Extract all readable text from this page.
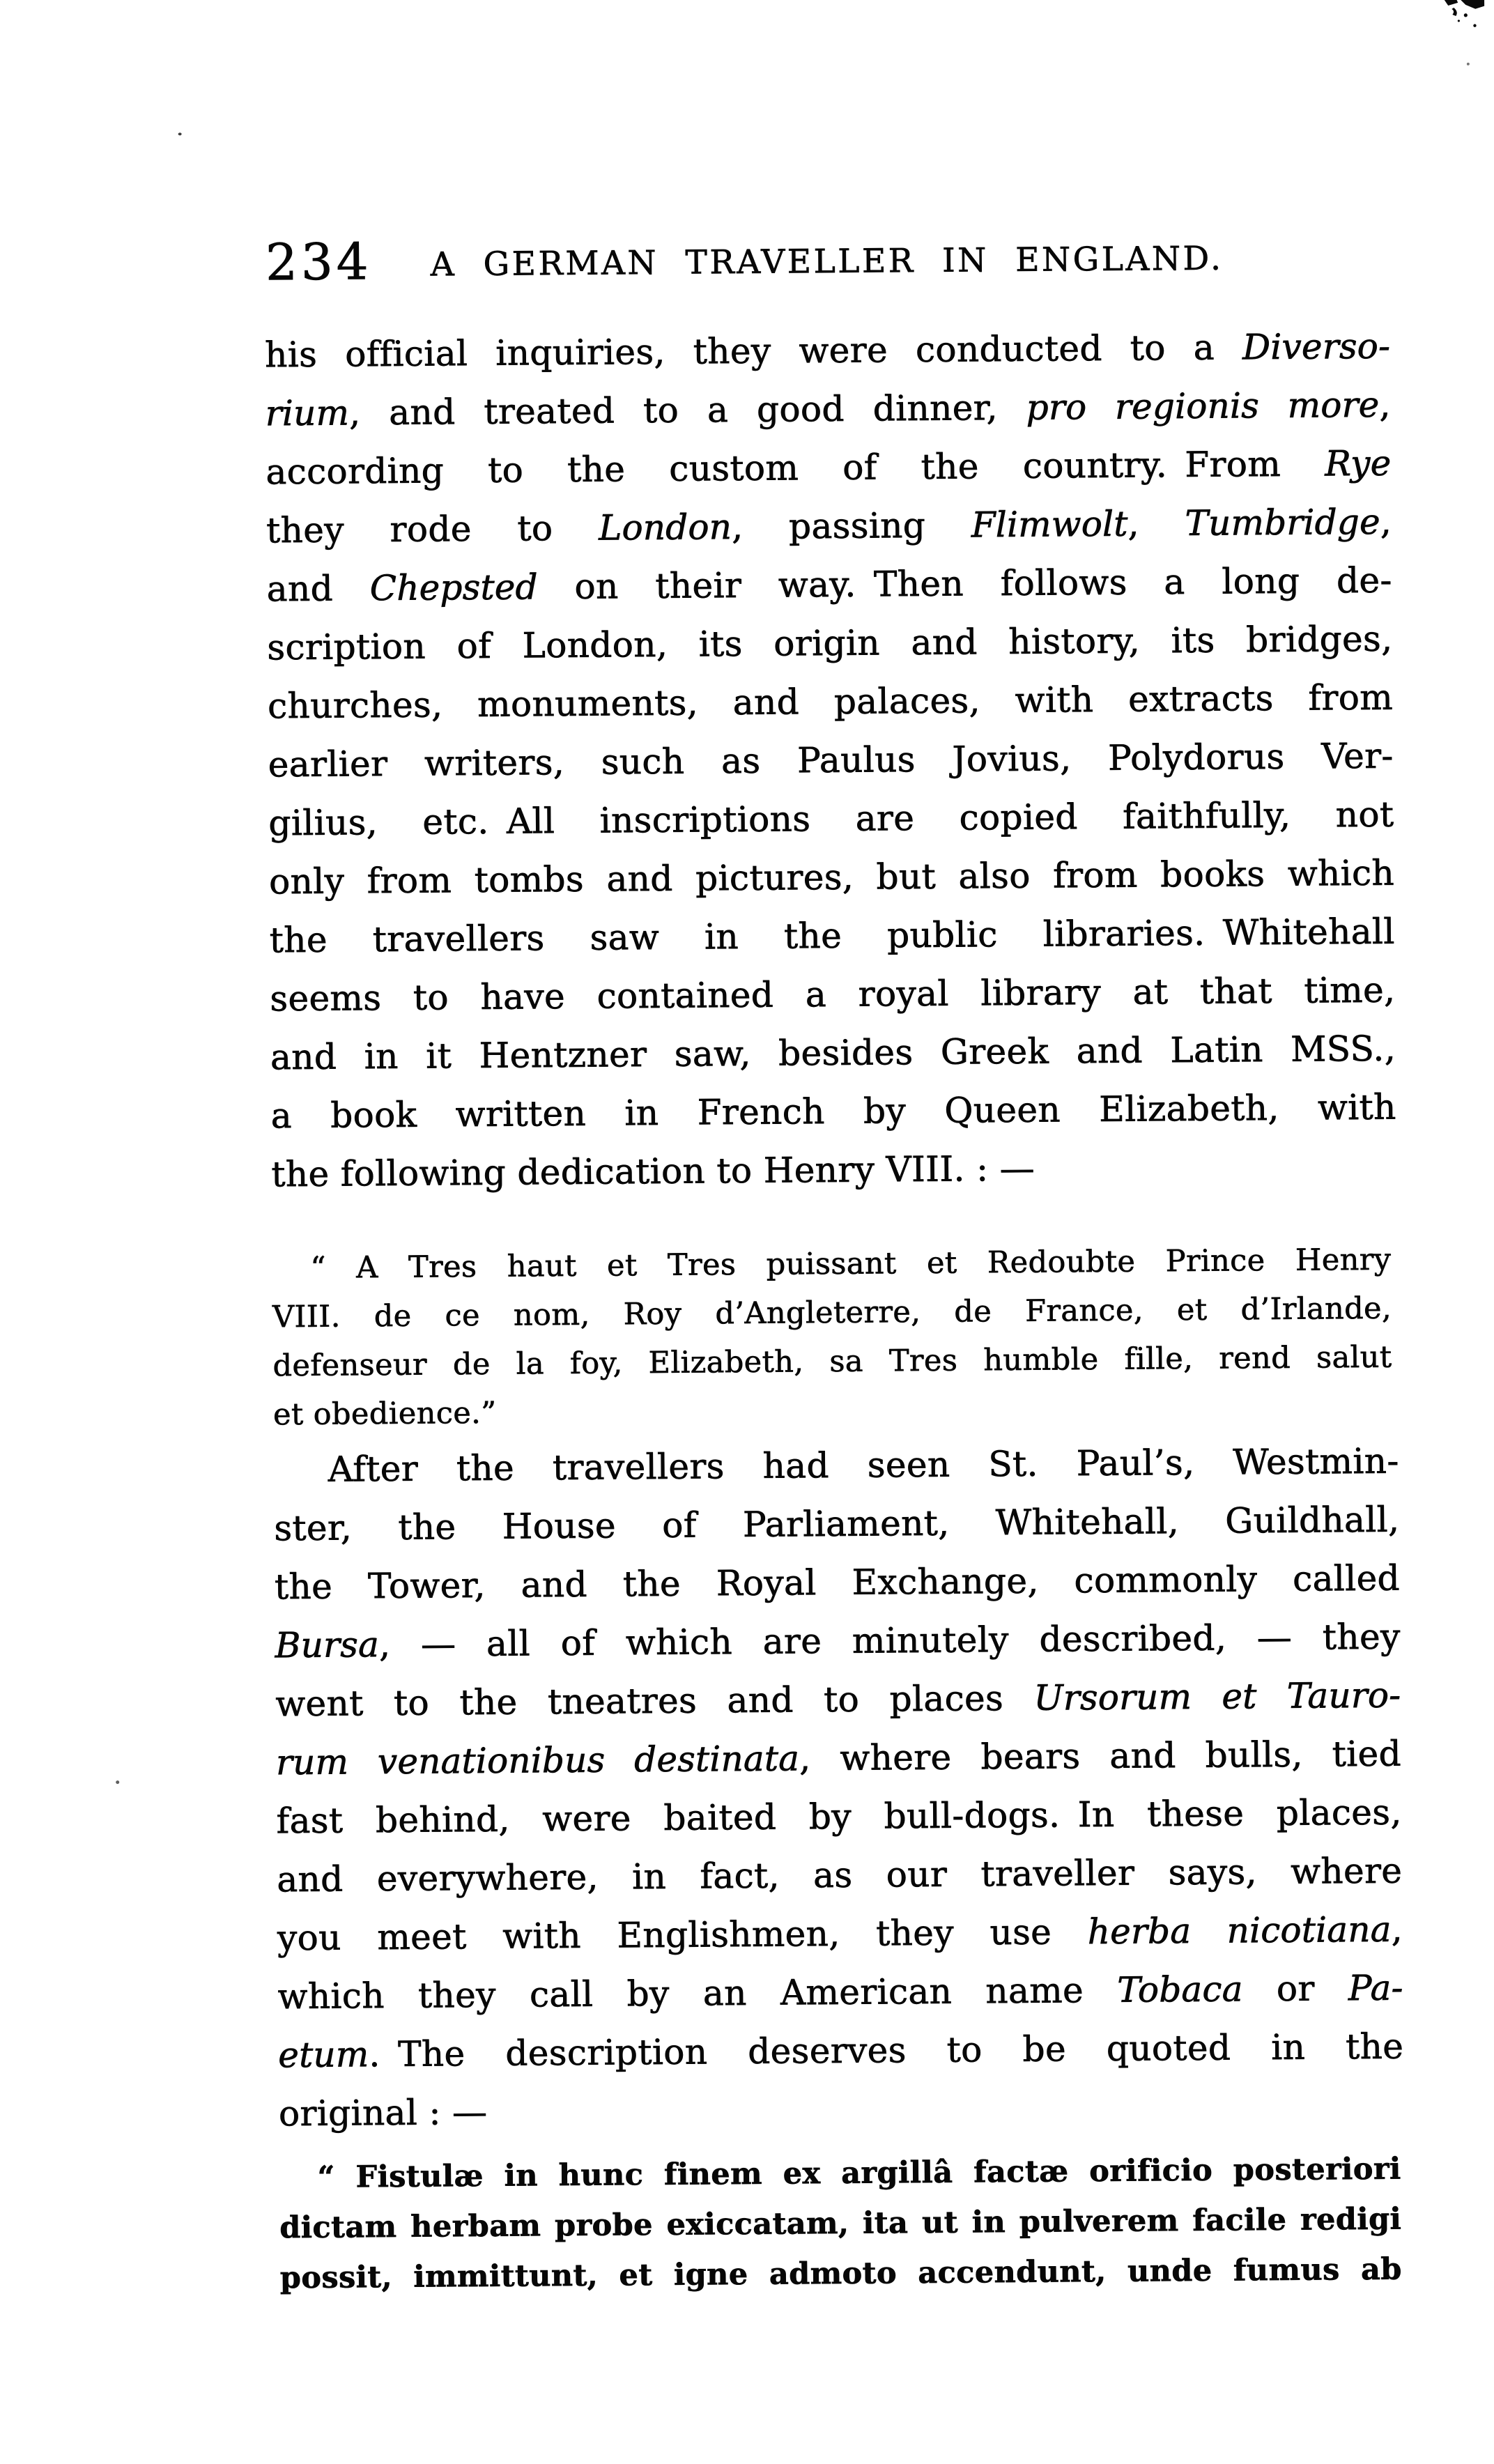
234	A GERMAN TRAVELLER IN ENGLAND.
his official inquiries, they were conducted to a Diverso-
rium, and treated to a good dinner, pro regionis more,
according to the custom of the country. From Rye
they rode to London, passing Flimwolt, Tumbridge,
and Chepsted on their way. Then follows a long de-
scription of London, its origin and history, its bridges,
churches, monuments, and palaces, with extracts from
earlier writers, such as Paulus Jovius, Polydorus Ver-
gilius, etc. All inscriptions are copied faithfully, not
only from tombs and pictures, but also from books which
the travellers saw in the public libraries. Whitehall
seems to have contained a royal library at that time,
and in it Hentzner saw, besides Greek and Latin MSS.,
a book written in French by Queen Elizabeth, with
the following dedication to Henry VIII. : —
“ A Tres haut et Tres puissant et Redoubte Prince Henry
VIII. de ce nom, Roy d’Angleterre, de France, et d’Irlande,
defenseur de la foy, Elizabeth, sa Tres humble fille, rend salut
et obedience.”
After the travellers had seen St. Paul’s, Westmin-
ster, the House of Parliament, Whitehall, Guildhall,
the Tower, and the Royal Exchange, commonly called
Bursa, — all of which are minutely described, — they
went to the tneatres and to places Ursorum et Tauro-
rum venationibus destinata, where bears and bulls, tied
fast behind, were baited by bull-dogs. In these places,
and everywhere, in fact, as our traveller says, where
you meet with Englishmen, they use herba nicotiana,
which they call by an American name Tobaca or Pa-
etum. The description deserves to be quoted in the
original : —
“ Fistulæ in hunc finem ex argillâ factæ orificio posteriori
dictam herbam probe exiccatam, ita ut in pulverem facile redigi
possit, immittunt, et igne admoto accendunt, unde fumus ab
